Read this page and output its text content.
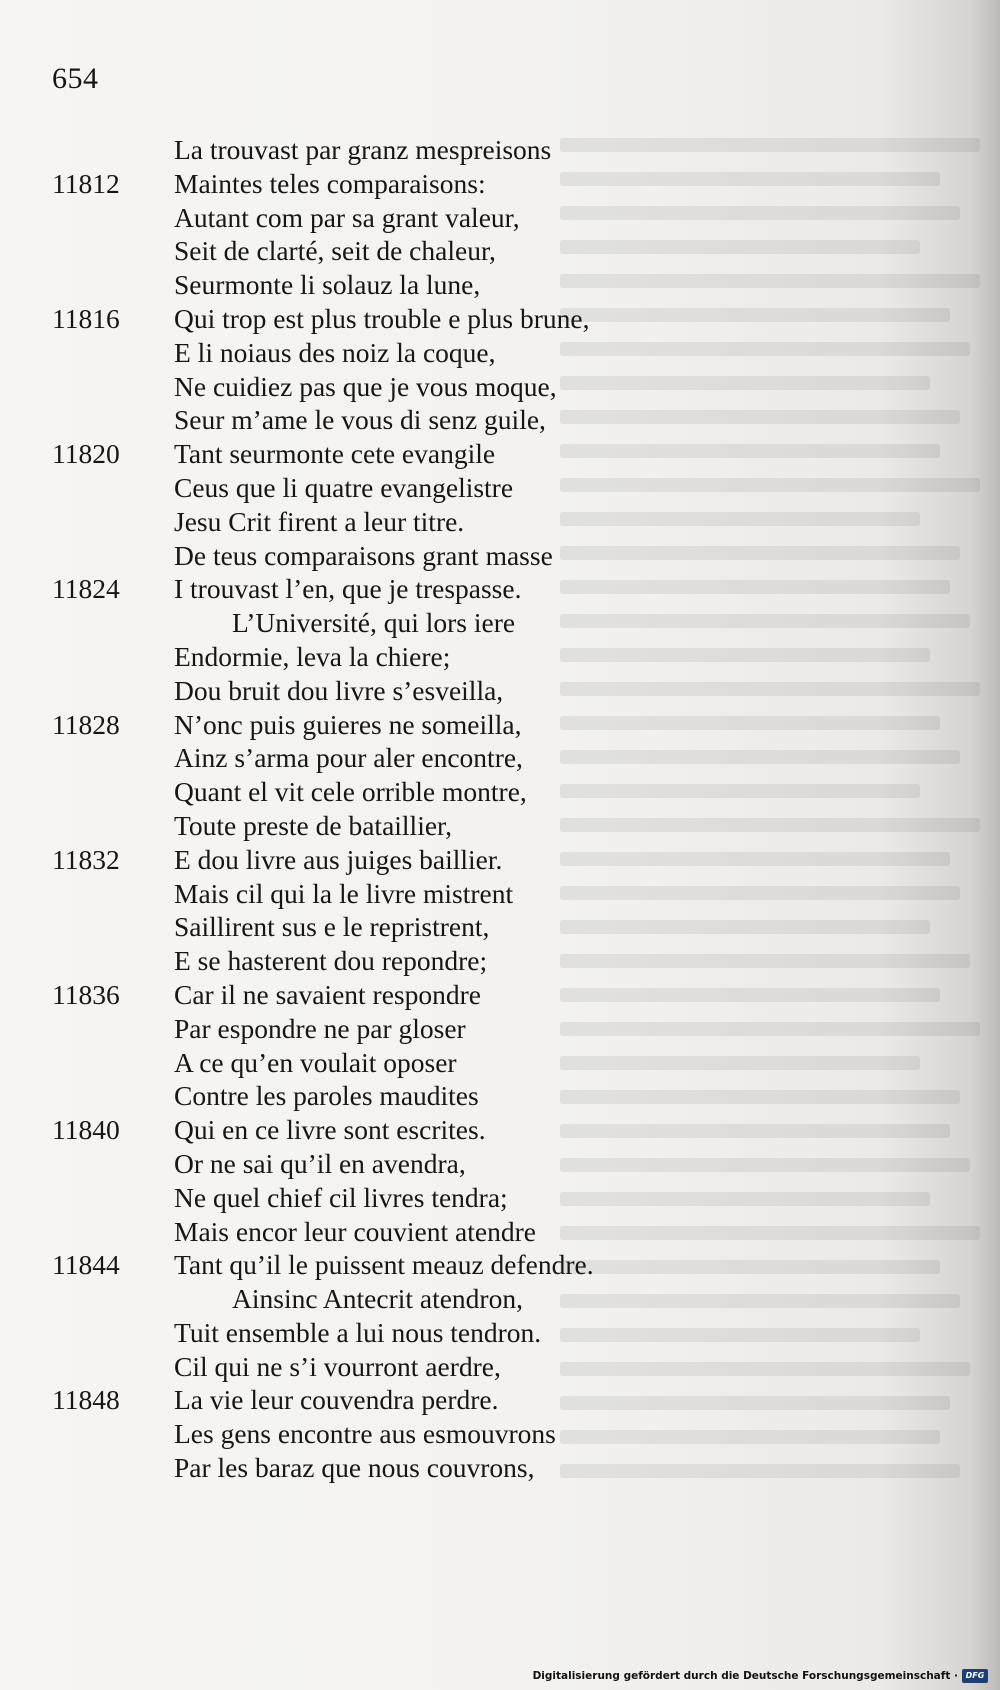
654
La trouvast par granz mespreisons
11812	Maintes teles comparaisons:
Autant com par sa grant valeur,
Seit de clarté, seit de chaleur,
Seurmonte li solauz la lune,
11816	Qui trop est plus trouble e plus brune,
E li noiaus des noiz la coque,
Ne cuidiez pas que je vous moque,
Seur m’ame le vous di senz guile,
11820	Tant seurmonte cete evangile
Ceus que li quatre evangelistre
Jesu Crit firent a leur titre.
De teus comparaisons grant masse
11824	I trouvast l’en, que je trespasse.
L’Université, qui lors iere
Endormie, leva la chiere;
Dou bruit dou livre s’esveilla,
11828	N’onc puis guieres ne someilla,
Ainz s’arma pour aler encontre,
Quant el vit cele orrible montre,
Toute preste de bataillier,
11832	E dou livre aus juiges baillier.
Mais cil qui la le livre mistrent
Saillirent sus e le repristrent,
E se hasterent dou repondre;
11836	Car il ne savaient respondre
Par espondre ne par gloser
A ce qu’en voulait oposer
Contre les paroles maudites
11840	Qui en ce livre sont escrites.
Or ne sai qu’il en avendra,
Ne quel chief cil livres tendra;
Mais encor leur couvient atendre
11844	Tant qu’il le puissent meauz defendre.
Ainsinc Antecrit atendron,
Tuit ensemble a lui nous tendron.
Cil qui ne s’i vourront aerdre,
11848	La vie leur couvendra perdre.
Les gens encontre aus esmouvrons
Par les baraz que nous couvrons,
Digitalisierung gefördert durch die Deutsche Forschungsgemeinschaft · DFG
